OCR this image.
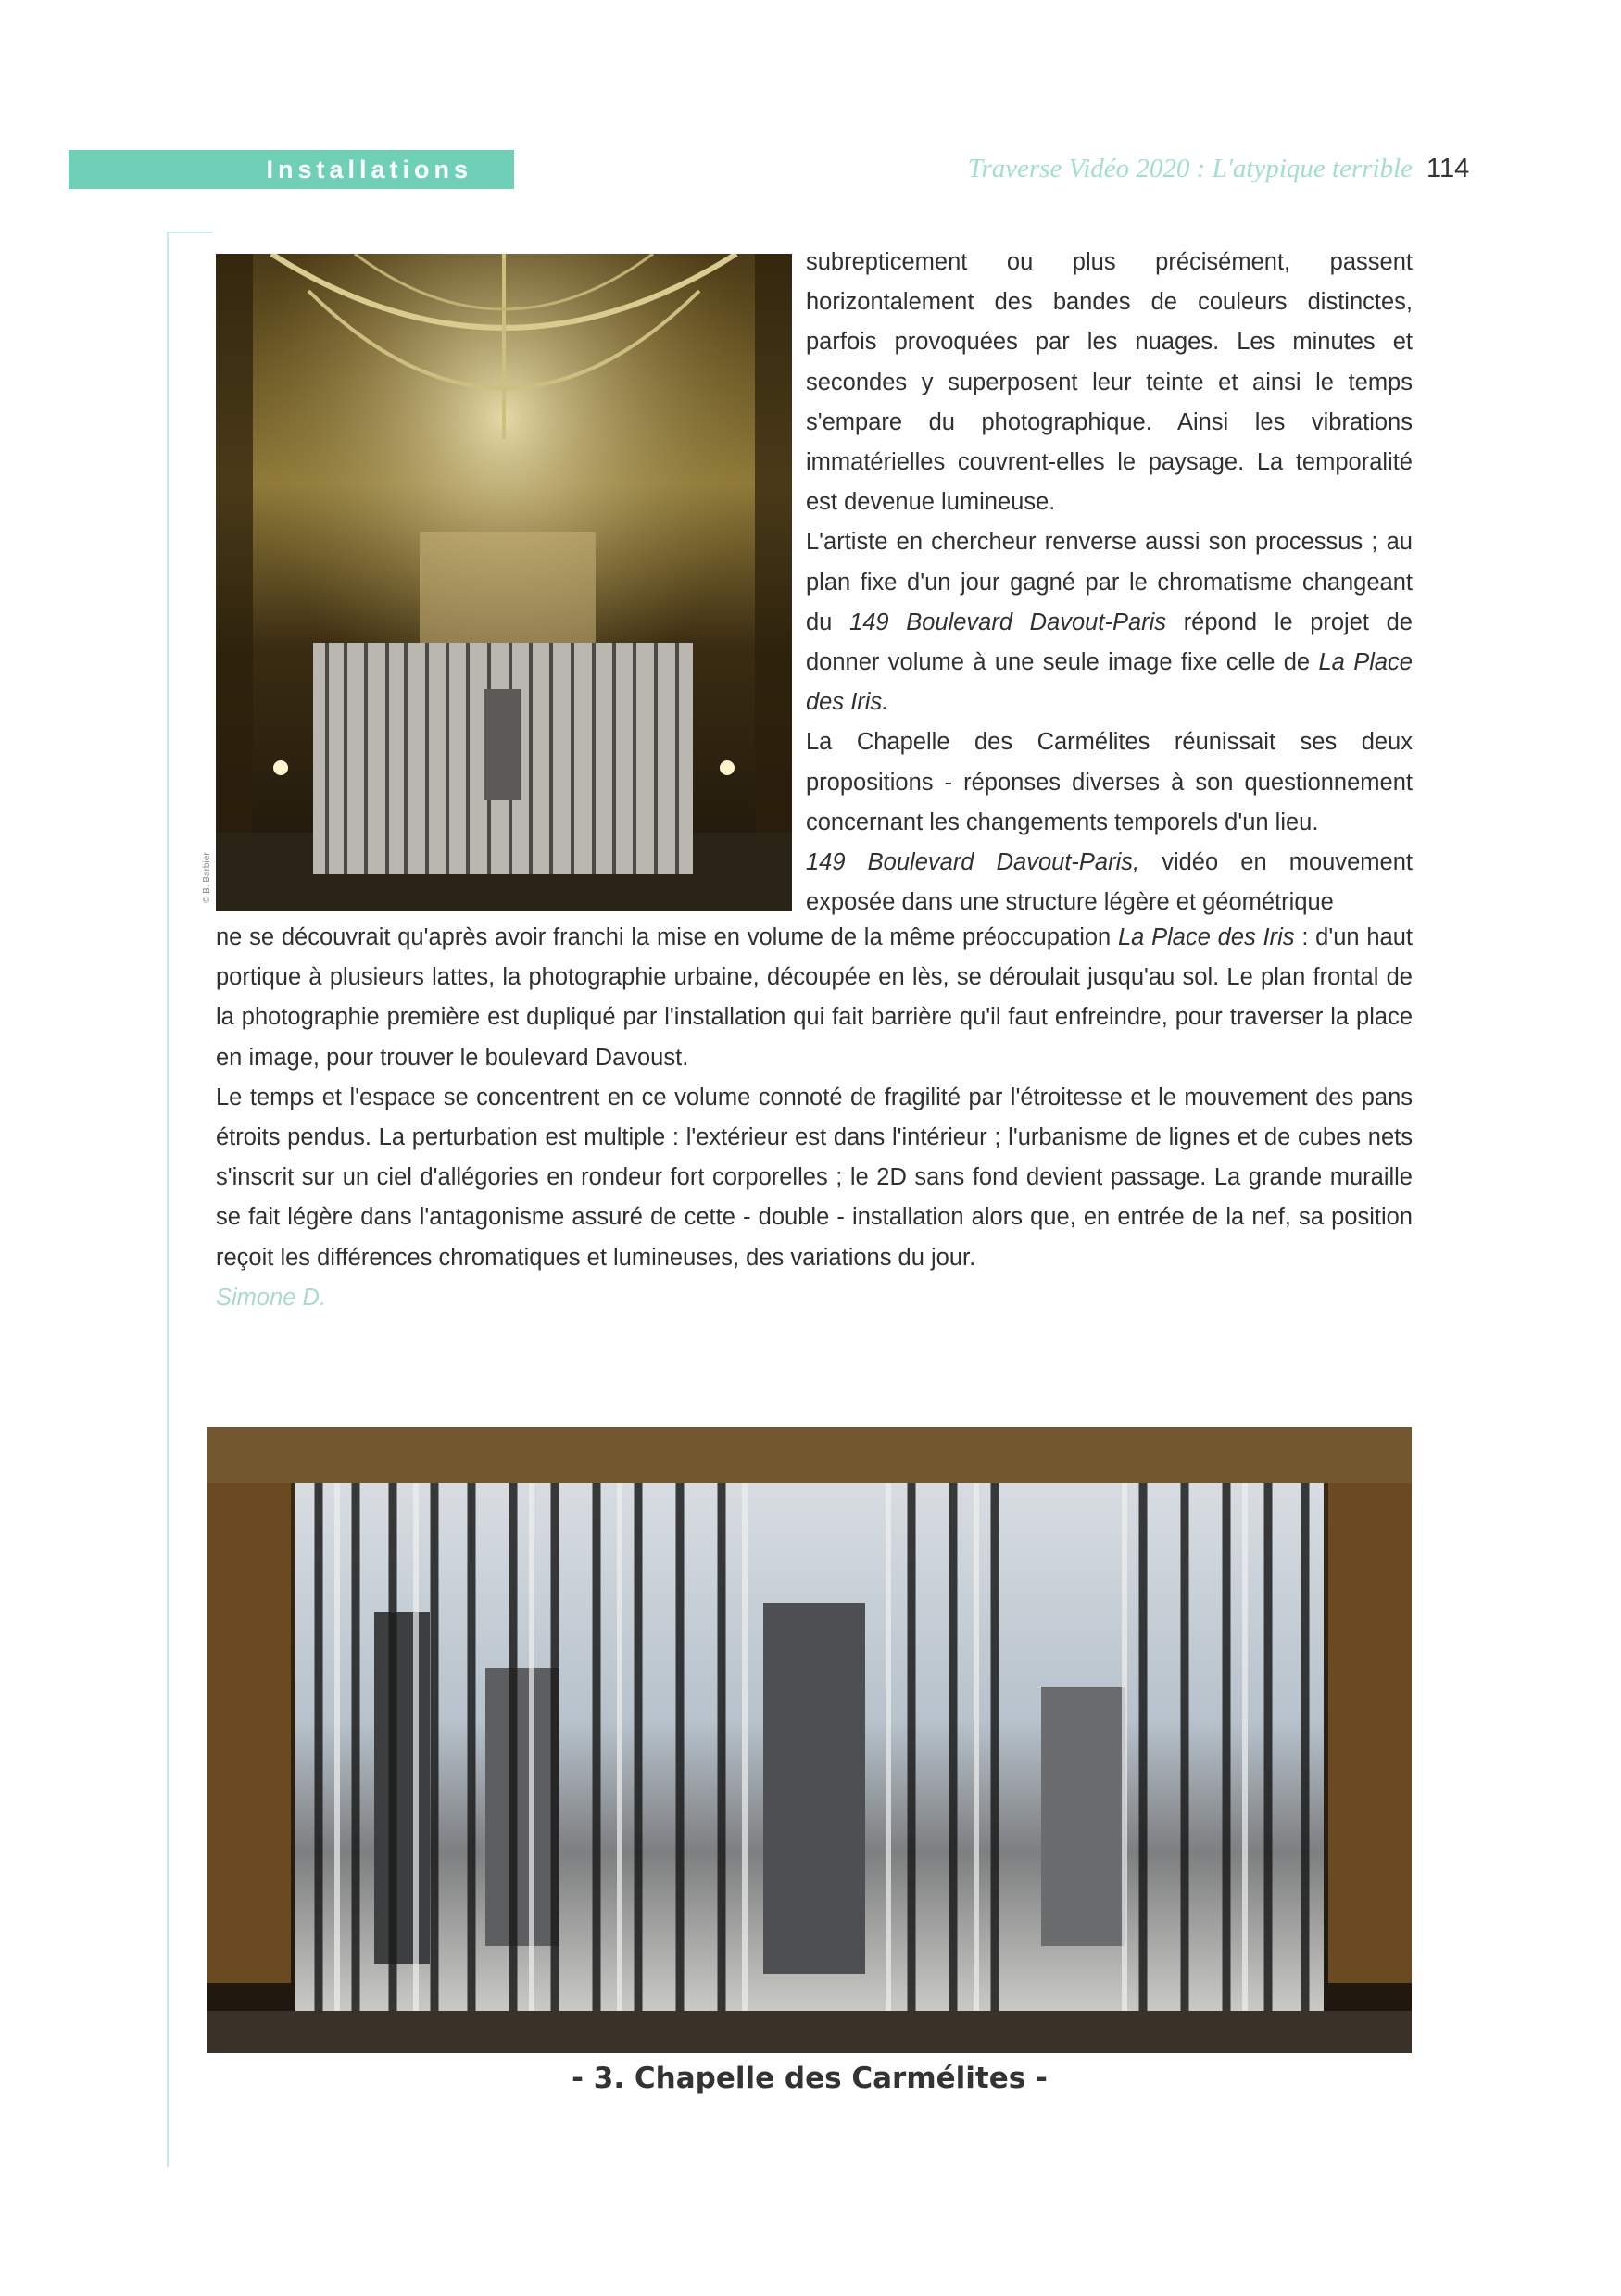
Installations	Traverse Vidéo 2020 : L'atypique terrible 114
© B. Barbier

subrepticement ou plus précisément, passent horizontalement des bandes de couleurs distinctes, parfois provoquées par les nuages. Les minutes et secondes y superposent leur teinte et ainsi le temps s'empare du photographique. Ainsi les vibrations immatérielles couvrent-elles le paysage. La temporalité est devenue lumineuse.

L'artiste en chercheur renverse aussi son processus ; au plan fixe d'un jour gagné par le chromatisme changeant du 149 Boulevard Davout-Paris répond le projet de donner volume à une seule image fixe celle de La Place des Iris.

La Chapelle des Carmélites réunissait ses deux propositions - réponses diverses à son questionnement concernant les changements temporels d'un lieu.

149 Boulevard Davout-Paris, vidéo en mouvement exposée dans une structure légère et géométrique

ne se découvrait qu'après avoir franchi la mise en volume de la même préoccupation La Place des Iris : d'un haut portique à plusieurs lattes, la photographie urbaine, découpée en lès, se déroulait jusqu'au sol. Le plan frontal de la photographie première est dupliqué par l'installation qui fait barrière qu'il faut enfreindre, pour traverser la place en image, pour trouver le boulevard Davoust.

Le temps et l'espace se concentrent en ce volume connoté de fragilité par l'étroitesse et le mouvement des pans étroits pendus. La perturbation est multiple : l'extérieur est dans l'intérieur ; l'urbanisme de lignes et de cubes nets s'inscrit sur un ciel d'allégories en rondeur fort corporelles ; le 2D sans fond devient passage. La grande muraille se fait légère dans l'antagonisme assuré de cette - double - installation alors que, en entrée de la nef, sa position reçoit les différences chromatiques et lumineuses, des variations du jour.

Simone D.

- 3. Chapelle des Carmélites -
